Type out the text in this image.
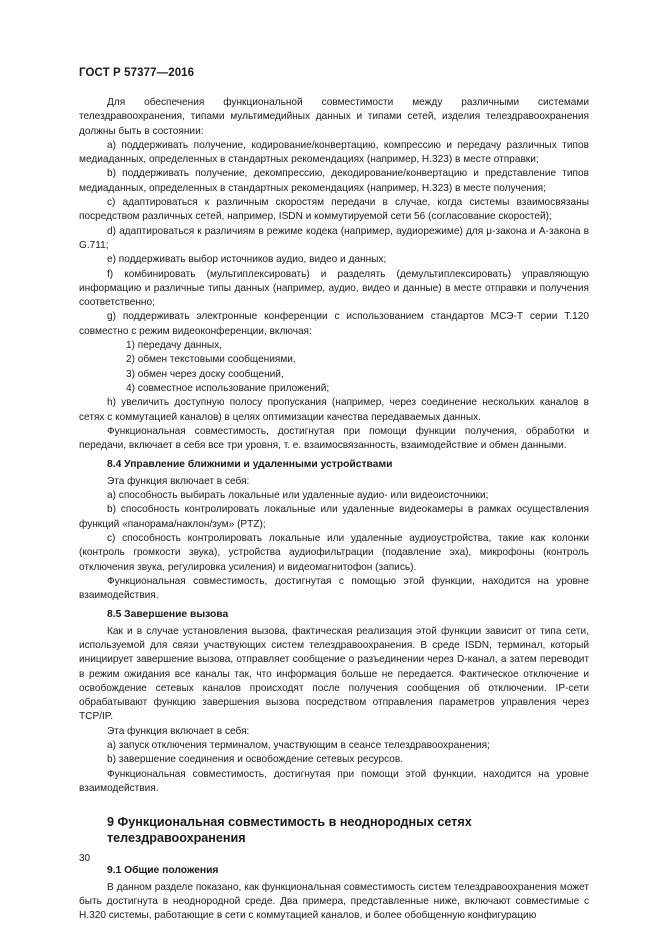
ГОСТ Р 57377—2016
Для обеспечения функциональной совместимости между различными системами телездравоохранения, типами мультимедийных данных и типами сетей, изделия телездравоохранения должны быть в состоянии:
a) поддерживать получение, кодирование/конвертацию, компрессию и передачу различных типов медиаданных, определенных в стандартных рекомендациях (например, H.323) в месте отправки;
b) поддерживать получение, декомпрессию, декодирование/конвертацию и представление типов медиаданных, определенных в стандартных рекомендациях (например, H.323) в месте получения;
c) адаптироваться к различным скоростям передачи в случае, когда системы взаимосвязаны посредством различных сетей, например, ISDN и коммутируемой сети 56 (согласование скоростей);
d) адаптироваться к различиям в режиме кодека (например, аудиорежиме) для μ-закона и A-закона в G.711;
e) поддерживать выбор источников аудио, видео и данных;
f) комбинировать (мультиплексировать) и разделять (демультиплексировать) управляющую информацию и различные типы данных (например, аудио, видео и данные) в месте отправки и получения соответственно;
g) поддерживать электронные конференции с использованием стандартов МСЭ-Т серии T.120 совместно с режим видеоконференции, включая:
1) передачу данных,
2) обмен текстовыми сообщениями,
3) обмен через доску сообщений,
4) совместное использование приложений;
h) увеличить доступную полосу пропускания (например, через соединение нескольких каналов в сетях с коммутацией каналов) в целях оптимизации качества передаваемых данных.
Функциональная совместимость, достигнутая при помощи функции получения, обработки и передачи, включает в себя все три уровня, т. е. взаимосвязанность, взаимодействие и обмен данными.
8.4 Управление ближними и удаленными устройствами
Эта функция включает в себя:
a) способность выбирать локальные или удаленные аудио- или видеоисточники;
b) способность контролировать локальные или удаленные видеокамеры в рамках осуществления функций «панорама/наклон/зум» (PTZ);
c) способность контролировать локальные или удаленные аудиоустройства, такие как колонки (контроль громкости звука), устройства аудиофильтрации (подавление эха), микрофоны (контроль отключения звука, регулировка усиления) и видеомагнитофон (запись).
Функциональная совместимость, достигнутая с помощью этой функции, находится на уровне взаимодействия.
8.5 Завершение вызова
Как и в случае установления вызова, фактическая реализация этой функции зависит от типа сети, используемой для связи участвующих систем телездравоохранения. В среде ISDN, терминал, который инициирует завершение вызова, отправляет сообщение о разъединении через D-канал, а затем переводит в режим ожидания все каналы так, что информация больше не передается. Фактическое отключение и освобождение сетевых каналов происходят после получения сообщения об отключении. IP-сети обрабатывают функцию завершения вызова посредством отправления параметров управления через TCP/IP.
Эта функция включает в себя:
a) запуск отключения терминалом, участвующим в сеансе телездравоохранения;
b) завершение соединения и освобождение сетевых ресурсов.
Функциональная совместимость, достигнутая при помощи этой функции, находится на уровне взаимодействия.
9 Функциональная совместимость в неоднородных сетях телездравоохранения
9.1 Общие положения
В данном разделе показано, как функциональная совместимость систем телездравоохранения может быть достигнута в неоднородной среде. Два примера, представленные ниже, включают совместимые с H.320 системы, работающие в сети с коммутацией каналов, и более обобщенную конфигурацию
30
